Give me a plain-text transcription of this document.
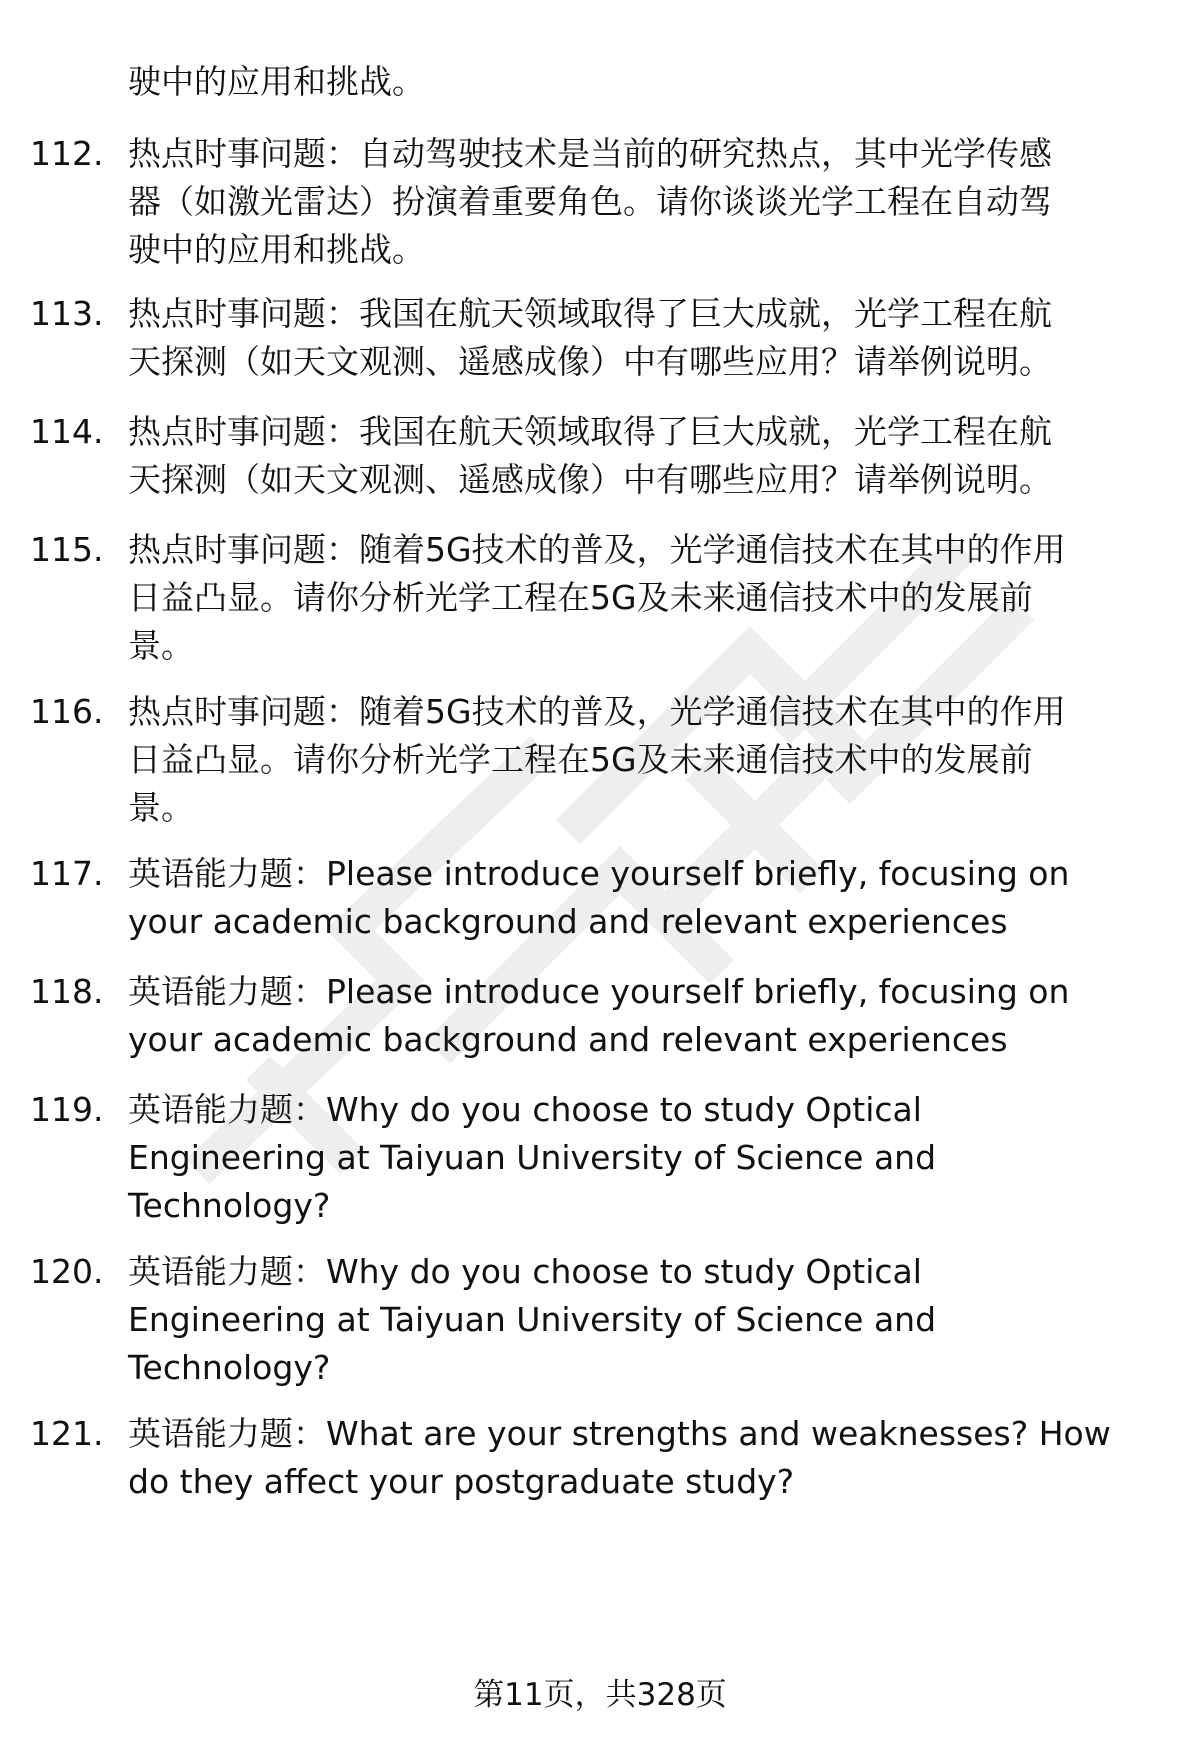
驶中的应用和挑战。
112. 热点时事问题：自动驾驶技术是当前的研究热点，其中光学传感
器（如激光雷达）扮演着重要角色。请你谈谈光学工程在自动驾
驶中的应用和挑战。
113. 热点时事问题：我国在航天领域取得了巨大成就，光学工程在航
天探测（如天文观测、遥感成像）中有哪些应用？请举例说明。
114. 热点时事问题：我国在航天领域取得了巨大成就，光学工程在航
天探测（如天文观测、遥感成像）中有哪些应用？请举例说明。
115. 热点时事问题：随着5G技术的普及，光学通信技术在其中的作用
日益凸显。请你分析光学工程在5G及未来通信技术中的发展前
景。
116. 热点时事问题：随着5G技术的普及，光学通信技术在其中的作用
日益凸显。请你分析光学工程在5G及未来通信技术中的发展前
景。
117. 英语能力题：Please introduce yourself briefly, focusing on
your academic background and relevant experiences
118. 英语能力题：Please introduce yourself briefly, focusing on
your academic background and relevant experiences
119. 英语能力题：Why do you choose to study Optical
Engineering at Taiyuan University of Science and
Technology?
120. 英语能力题：Why do you choose to study Optical
Engineering at Taiyuan University of Science and
Technology?
121. 英语能力题：What are your strengths and weaknesses? How
do they affect your postgraduate study?
第11页，共328页
